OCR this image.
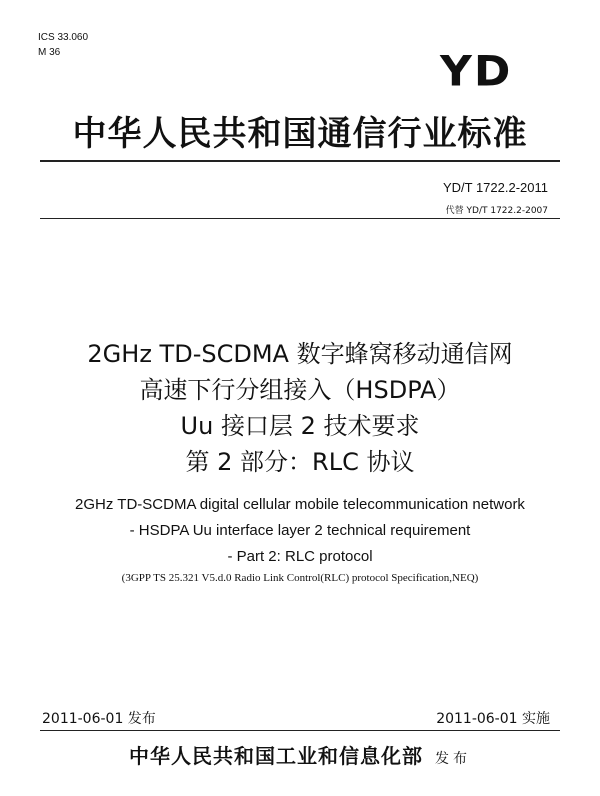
ICS 33.060
M 36	YD
中华人民共和国通信行业标准
YD/T 1722.2-2011
代替 YD/T 1722.2-2007
2GHz TD-SCDMA 数字蜂窝移动通信网
高速下行分组接入（HSDPA）
Uu 接口层 2 技术要求
第 2 部分：RLC 协议
2GHz TD-SCDMA digital cellular mobile telecommunication network
- HSDPA Uu interface layer 2 technical requirement
- Part 2: RLC protocol
(3GPP TS 25.321 V5.d.0 Radio Link Control(RLC) protocol Specification,NEQ)
2011-06-01 发布	2011-06-01 实施
中华人民共和国工业和信息化部 发布
